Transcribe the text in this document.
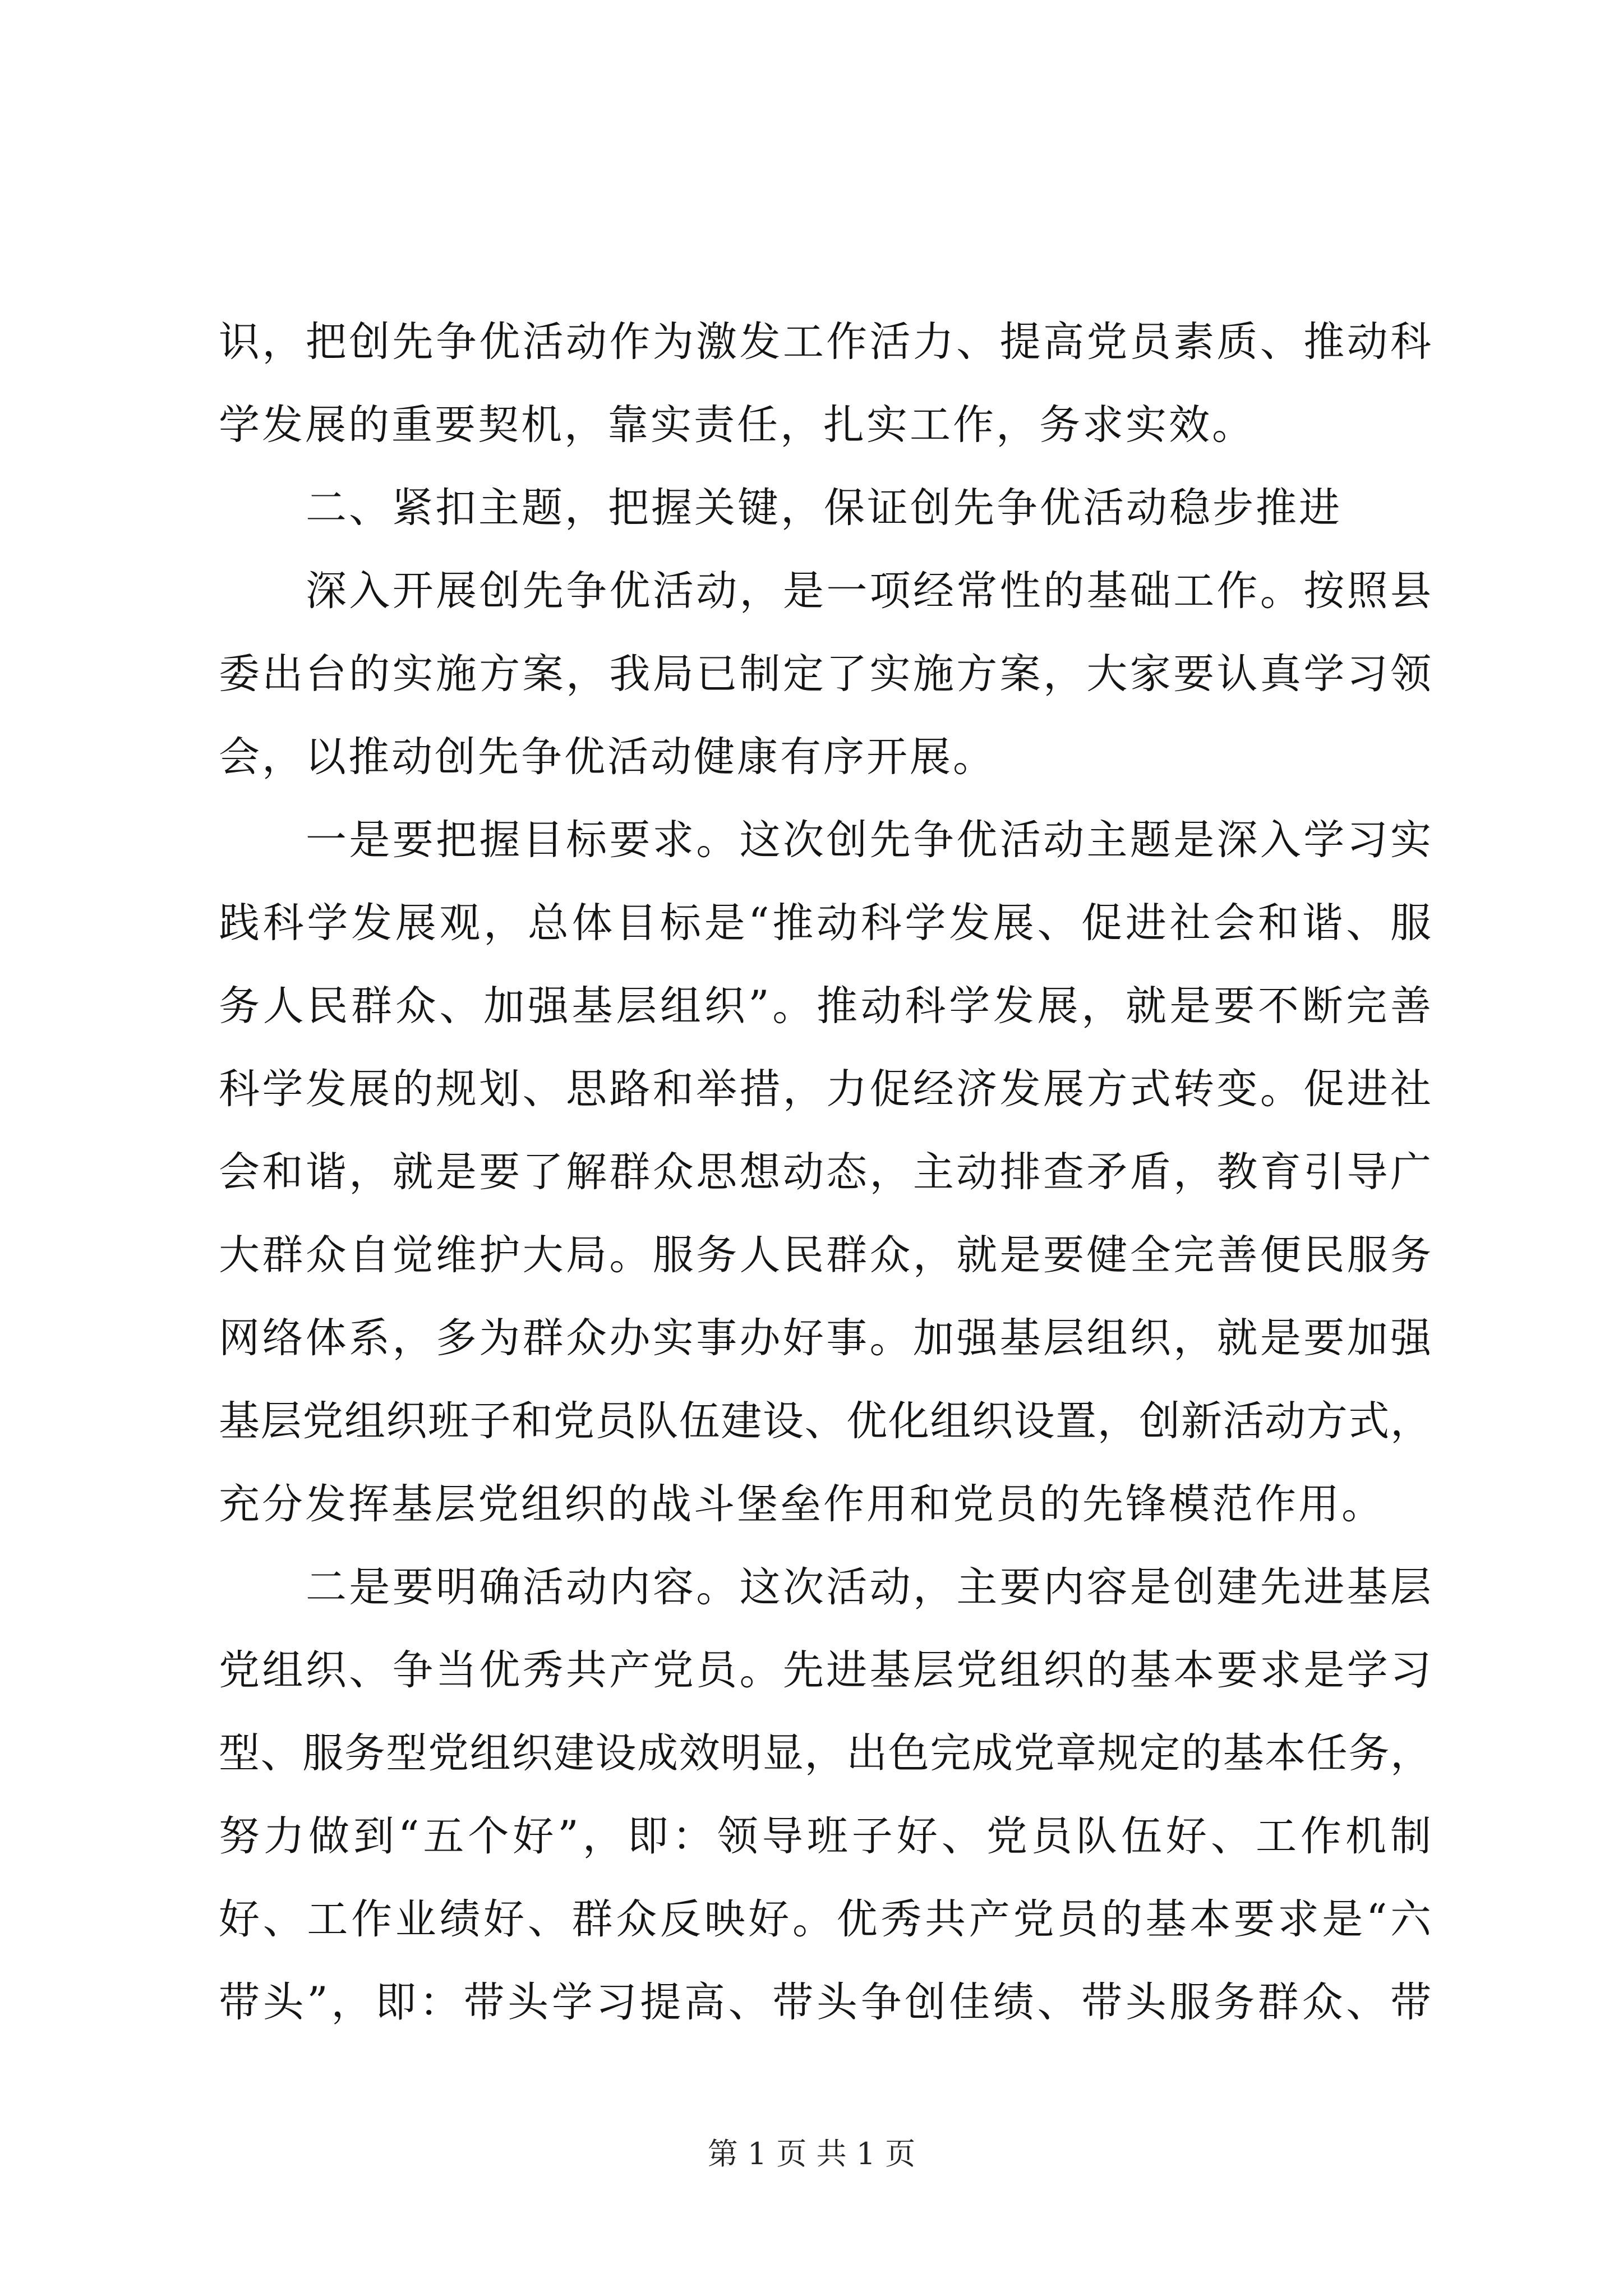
识，把创先争优活动作为激发工作活力、提高党员素质、推动科
学发展的重要契机，靠实责任，扎实工作，务求实效。
二、紧扣主题，把握关键，保证创先争优活动稳步推进
深入开展创先争优活动，是一项经常性的基础工作。按照县
委出台的实施方案，我局已制定了实施方案，大家要认真学习领
会，以推动创先争优活动健康有序开展。
一是要把握目标要求。这次创先争优活动主题是深入学习实
践科学发展观，总体目标是“推动科学发展、促进社会和谐、服
务人民群众、加强基层组织”。推动科学发展，就是要不断完善
科学发展的规划、思路和举措，力促经济发展方式转变。促进社
会和谐，就是要了解群众思想动态，主动排查矛盾，教育引导广
大群众自觉维护大局。服务人民群众，就是要健全完善便民服务
网络体系，多为群众办实事办好事。加强基层组织，就是要加强
基层党组织班子和党员队伍建设、优化组织设置，创新活动方式，
充分发挥基层党组织的战斗堡垒作用和党员的先锋模范作用。
二是要明确活动内容。这次活动，主要内容是创建先进基层
党组织、争当优秀共产党员。先进基层党组织的基本要求是学习
型、服务型党组织建设成效明显，出色完成党章规定的基本任务，
努力做到“五个好”，即：领导班子好、党员队伍好、工作机制
好、工作业绩好、群众反映好。优秀共产党员的基本要求是“六
带头”，即：带头学习提高、带头争创佳绩、带头服务群众、带
第 1 页 共 1 页
